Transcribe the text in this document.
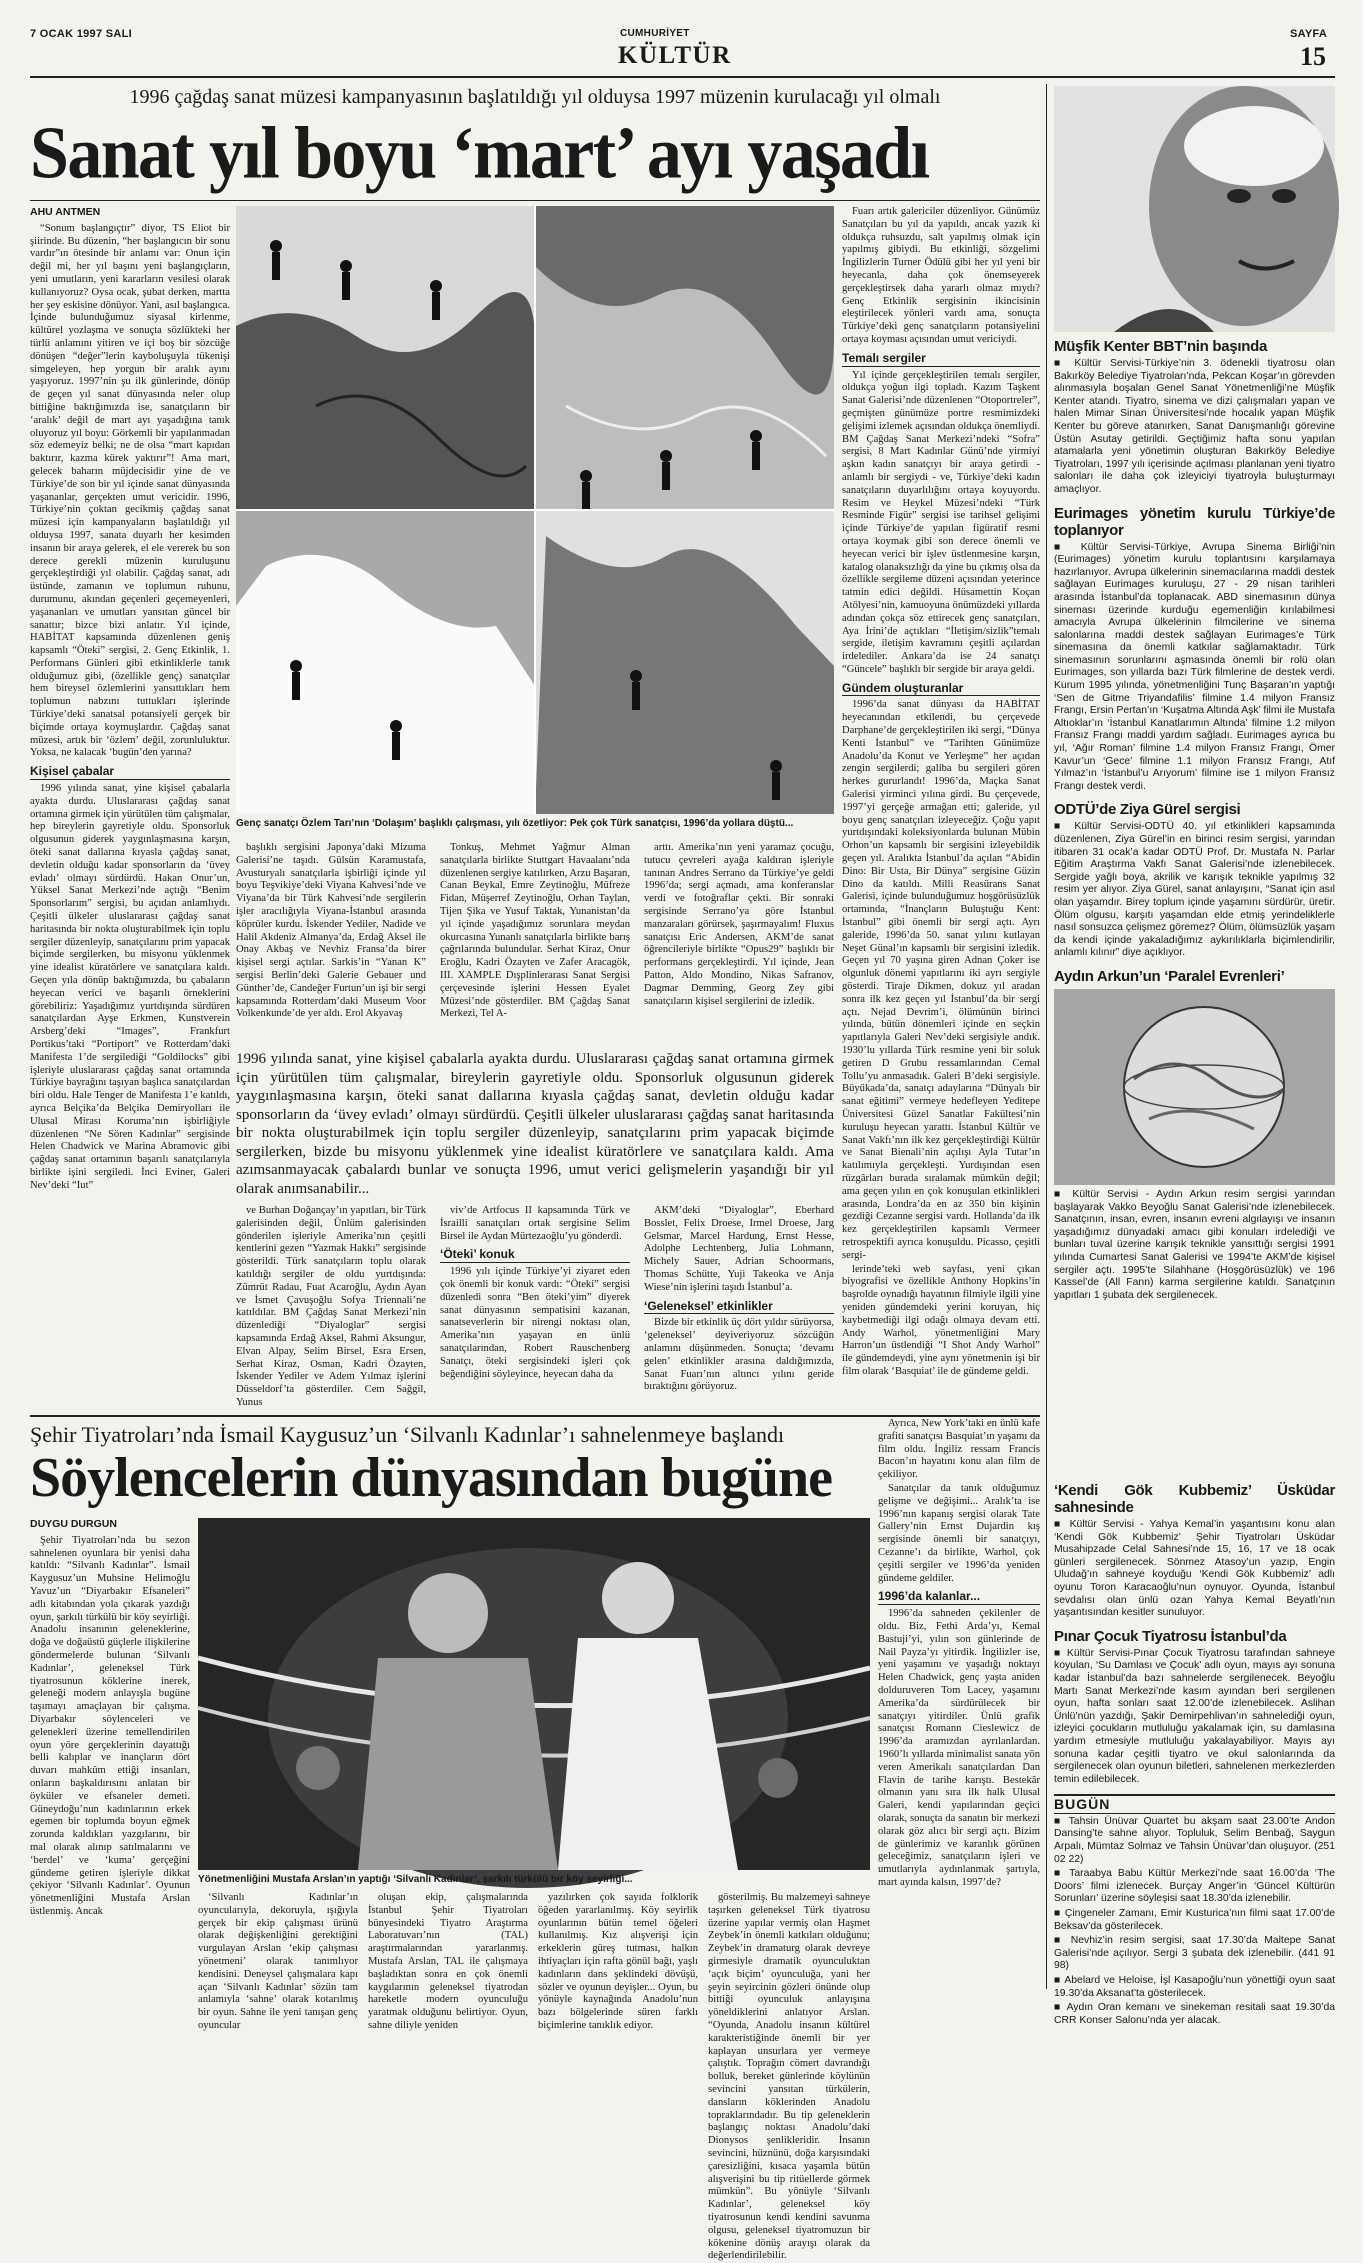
7 OCAK 1997 SALI	CUMHURİYET
KÜLTÜR
SAYFA
15
1996 çağdaş sanat müzesi kampanyasının başlatıldığı yıl olduysa 1997 müzenin kurulacağı yıl olmalı
Sanat yıl boyu ‘mart’ ayı yaşadı
AHU ANTMEN

“Sonum başlangıçtır” diyor, TS Eliot bir şiirinde. Bu düzenin, “her başlangıcın bir sonu vardır”ın ötesinde bir anlamı var: Onun için değil mi, her yıl başını yeni başlangıçların, yeni umutların, yeni kararların vesilesi olarak kullanıyoruz? Oysa ocak, şubat derken, martta her şey eskisine dönüyor. Yani, asıl başlangıca. İçinde bulunduğumuz siyasal kirlenme, kültürel yozlaşma ve sonuçta sözlükteki her türlü anlamını yitiren ve içi boş bir sözcüğe dönüşen “değer”lerin kayboluşuyla tükenişi simgeleyen, hep yorgun bir aralık ayını yaşıyoruz. 1997’nin şu ilk günlerinde, dönüp de geçen yıl sanat dünyasında neler olup bittiğine baktığımızda ise, sanatçıların bir ‘aralık’ değil de mart ayı yaşadığına tanık oluyoruz yıl boyu: Görkemli bir yapılanmadan söz edemeyiz belki; ne de olsa “mart kapıdan baktırır, kazma kürek yaktırır”! Ama mart, gelecek baharın müjdecisidir yine de ve Türkiye’de son bir yıl içinde sanat dünyasında yaşananlar, gerçekten umut vericidir. 1996, Türkiye’nin çoktan gecikmiş çağdaş sanat müzesi için kampanyaların başlatıldığı yıl olduysa 1997, sanata duyarlı her kesimden insanın bir araya gelerek, el ele vererek bu son derece gerekli müzenin kuruluşunu gerçekleştirdiği yıl olabilir. Çağdaş sanat, adı üstünde, zamanın ve toplumun ruhunu, durumunu, akından geçenleri geçemeyenleri, yaşananları ve umutları yansıtan güncel bir sanattır; bizce bizi anlatır. Yıl içinde, HABİTAT kapsamında düzenlenen geniş kapsamlı “Öteki” sergisi, 2. Genç Etkinlik, 1. Performans Günleri gibi etkinliklerle tanık olduğumuz gibi, (özellikle genç) sanatçılar hem bireysel özlemlerini yansıttıkları hem toplumun nabzını tuttukları işlerinde Türkiye’deki sanatsal potansiyeli gerçek bir biçimde ortaya koymuşlardır. Çağdaş sanat müzesi, artık bir ‘özlem’ değil, zorunluluktur. Yoksa, ne kalacak ‘bugün’den yarına?

Kişisel çabalar

1996 yılında sanat, yine kişisel çabalarla ayakta durdu. Uluslararası çağdaş sanat ortamına girmek için yürütülen tüm çalışmalar, hep bireylerin gayretiyle oldu. Sponsorluk olgusunun giderek yaygınlaşmasına karşın, öteki sanat dallarına kıyasla çağdaş sanat, devletin olduğu kadar sponsorların da ‘üvey evladı’ olmayı sürdürdü. Hakan Onur’un, Yüksel Sanat Merkezi’nde açtığı “Benim Sponsorlarım” sergisi, bu açıdan anlamlıydı. Çeşitli ülkeler uluslararası çağdaş sanat haritasında bir nokta oluşturabilmek için toplu sergiler düzenleyip, sanatçılarını prim yapacak biçimde sergilerken, bu misyonu yüklenmek yine idealist küratörlere ve sanatçılara kaldı. Geçen yıla dönüp baktığımızda, bu çabaların heyecan verici ve başarılı örneklerini görebiliriz: Yaşadığımız yurtdışında sürdüren sanatçılardan Ayşe Erkmen, Kunstverein Arsberg’deki “Images”, Frankfurt Portikus’taki “Portiport” ve Rotterdam’daki Manifesta 1’de sergilediği “Goldilocks” gibi işleriyle uluslararası çağdaş sanat ortamında Türkiye bayrağını taşıyan başlıca sanatçılardan biri oldu. Hale Tenger de Manifesta 1’e katıldı, ayrıca Belçika’da Belçika Demiryolları ile Ulusal Mirası Koruma’nın işbirliğiyle düzenlenen “Ne Sören Kadınlar” sergisinde Helen Chadwick ve Marina Abramovic gibi çağdaş sanat ortamının başarılı sanatçılarıyla birlikte işini sergiledi. İnci Eviner, Galeri Nev’deki “Iut”

Genç sanatçı Özlem Tarı’nın ‘Dolaşım’ başlıklı çalışması, yılı özetliyor: Pek çok Türk sanatçısı, 1996’da yollara düştü...

başlıklı sergisini Japonya’daki Mizuma Galerisi’ne taşıdı. Gülsün Karamustafa, Avusturyalı sanatçılarla işbirliği içinde yıl boyu Teşvikiye’deki Viyana Kahvesi’nde ve Viyana’da bir Türk Kahvesi’nde sergilerin işler aracılığıyla Viyana-İstanbul arasında köprüler kurdu. İskender Yediler, Nadide ve Halil Akdeniz Almanya’da, Erdağ Aksel ile Onay Akbaş ve Nevhiz Fransa’da birer kişisel sergi açtılar. Sarkis’in “Yanan K” sergisi Berlin’deki Galerie Gebauer und Günther’de, Candeğer Furtun’un işi bir sergi kapsamında Rotterdam’daki Museum Voor Volkenkunde’de yer aldı. Erol Akyavaş

Tonkuş, Mehmet Yağmur Alman sanatçılarla birlikte Stuttgart Havaalanı’nda düzenlenen sergiye katılırken, Arzu Başaran, Canan Beykal, Emre Zeytinoğlu, Müfreze Fidan, Müşerref Zeytinoğlu, Orhan Taylan, Tijen Şika ve Yusuf Taktak, Yunanistan’da yıl içinde yaşadığımız sorunlara meydan okurcasına Yunanlı sanatçılarla birlikte barış çağrılarında bulundular. Serhat Kiraz, Onur Eroğlu, Kadri Özayten ve Zafer Aracagök, III. XAMPLE Dışplinlerarası Sanat Sergisi çerçevesinde işlerini Hessen Eyalet Müzesi’nde gösterdiler. BM Çağdaş Sanat Merkezi, Tel A-

arttı. Amerika’nın yeni yaramaz çocuğu, tutucu çevreleri ayağa kaldıran işleriyle tanınan Andres Serrano da Türkiye’ye geldi 1996’da; sergi açmadı, ama konferanslar verdi ve fotoğraflar çekti. Bir sonraki sergisinde Serrano’ya göre İstanbul manzaraları görürsek, şaşırmayalım! Fluxus sanatçısı Eric Andersen, AKM’de sanat öğrencileriyle birlikte “Opus29” başlıklı bir performans gerçekleştirdi. Yıl içinde, Jean Patton, Aldo Mondino, Nikas Safranov, Dagmar Demming, Georg Zey gibi sanatçıların kişisel sergilerini de izledik.

1996 yılında sanat, yine kişisel çabalarla ayakta durdu. Uluslararası çağdaş sanat ortamına girmek için yürütülen tüm çalışmalar, bireylerin gayretiyle oldu. Sponsorluk olgusunun giderek yaygınlaşmasına karşın, öteki sanat dallarına kıyasla çağdaş sanat, devletin olduğu kadar sponsorların da ‘üvey evladı’ olmayı sürdürdü. Çeşitli ülkeler uluslararası çağdaş sanat haritasında bir nokta oluşturabilmek için toplu sergiler düzenleyip, sanatçılarını prim yapacak biçimde sergilerken, bizde bu misyonu yüklenmek yine idealist küratörlere ve sanatçılara kaldı. Ama azımsanmayacak çabalardı bunlar ve sonuçta 1996, umut verici gelişmelerin yaşandığı bir yıl olarak anımsanabilir...

ve Burhan Doğançay’ın yapıtları, bir Türk galerisinden değil, Ünlüm galerisinden gönderilen işleriyle Amerika’nın çeşitli kentlerini gezen “Yazmak Hakkı” sergisinde gösterildi. Türk sanatçıların toplu olarak katıldığı sergiler de oldu yurtdışında: Zümrüt Radau, Fuat Acaroğlu, Aydın Ayan ve İsmet Çavuşoğlu Sofya Triennali’ne katıldılar. BM Çağdaş Sanat Merkezi’nin düzenlediği “Diyaloglar” sergisi kapsamında Erdağ Aksel, Rahmi Aksungur, Elvan Alpay, Selim Birsel, Esra Ersen, Serhat Kiraz, Osman, Kadri Özayten, İskender Yediler ve Adem Yılmaz işlerini Düsseldorf’ta gösterdiler. Cem Sağgil, Yunus

viv’de Artfocus II kapsamında Türk ve İsrailli sanatçıları ortak sergisine Selim Birsel ile Aydan Mürtezaoğlu’yu gönderdi.

‘Öteki’ konuk

1996 yılı içinde Türkiye’yi ziyaret eden çok önemli bir konuk vardı: “Öteki” sergisi düzenledi sonra “Ben öteki’yim” diyerek sanat dünyasının sempatisini kazanan, sanatseverlerin bir nirengi noktası olan, Amerika’nın yaşayan en ünlü sanatçılarından, Robert Rauschenberg Sanatçı, öteki sergisindeki işleri çok beğendiğini söyleyince, heyecan daha da

AKM’deki “Diyaloglar”, Eberhard Bosslet, Felix Droese, Irmel Droese, Jarg Gelsmar, Marcel Hardung, Ernst Hesse, Adolphe Lechtenberg, Julia Lohmann, Michely Sauer, Adrian Schoormans, Thomas Schütte, Yuji Takeoka ve Anja Wiese’nin işlerini taşıdı İstanbul’a.

‘Geleneksel’ etkinlikler

Bizde bir etkinlik üç dört yıldır sürüyorsa, ‘geleneksel’ deyiveriyoruz sözcüğün anlamını düşünmeden. Sonuçta; ‘devamı gelen’ etkinlikler arasına daldığımızda, Sanat Fuarı’nın altıncı yılını geride bıraktığını görüyoruz.

Fuarı artık galericiler düzenliyor. Günümüz Sanatçıları bu yıl da yapıldı, ancak yazık ki oldukça ruhsuzdu, salt yapılmış olmak için yapılmış gibiydi. Bu etkinliği, sözgelimi İngilizlerin Turner Ödülü gibi her yıl yeni bir heyecanla, daha çok önemseyerek gerçekleştirsek daha yararlı olmaz mıydı? Genç Etkinlik sergisinin ikincisinin eleştirilecek yönleri vardı ama, sonuçta Türkiye’deki genç sanatçıların potansiyelini ortaya koyması açısından umut vericiydi.

Temalı sergiler

Yıl içinde gerçekleştirilen temalı sergiler, oldukça yoğun ilgi topladı. Kazım Taşkent Sanat Galerisi’nde düzenlenen “Otoportreler”, geçmişten günümüze portre resmimizdeki gelişimi izlemek açısından oldukça önemliydi. BM Çağdaş Sanat Merkezi’ndeki “Sofra” sergisi, 8 Mart Kadınlar Günü’nde yirmiyi aşkın kadın sanatçıyı bir araya getirdi - anlamlı bir sergiydi - ve, Türkiye’deki kadın sanatçıların duyarlılığını ortaya koyuyordu. Resim ve Heykel Müzesi’ndeki “Türk Resminde Figür” sergisi ise tarihsel gelişimi içinde Türkiye’de yapılan figüratif resmi ortaya koymak gibi son derece önemli ve heyecan verici bir işlev üstlenmesine karşın, katalog olanaksızlığı da yine bu çıkmış olsa da özellikle sergileme düzeni açısından yeterince tatmin edici değildi. Hüsamettin Koçan Atölyesi’nin, kamuoyuna önümüzdeki yıllarda adından çokça söz ettirecek genç sanatçıları, Aya İrini’de açtıkları “İletişim/sizlik”temalı sergide, iletişim kavramını çeşitli açılardan irdelediler. Ankara’da ise 24 sanatçı “Güncele” başlıklı bir sergide bir araya geldi.

Gündem oluşturanlar

1996’da sanat dünyası da HABİTAT heyecanından etkilendi, bu çerçevede Darphane’de gerçekleştirilen iki sergi, “Dünya Kenti İstanbul” ve “Tarihten Günümüze Anadolu’da Konut ve Yerleşme” her açıdan zengin sergilerdi; galiba bu sergileri gören herkes gururlandı! 1996’da, Maçka Sanat Galerisi yirminci yılına girdi. Bu çerçevede, 1997’yi gerçeğe armağan etti; galeride, yıl boyu genç sanatçıları izleyeceğiz. Çoğu yapıt yurtdışındaki koleksiyonlarda bulunan Mübin Orhon’un kapsamlı bir sergisini izleyebildik geçen yıl. Aralıkta İstanbul’da açılan “Abidin Dino: Bir Usta, Bir Dünya” sergisine Güzin Dino da katıldı. Milli Reasürans Sanat Galerisi, içinde bulunduğumuz hoşgörüsüzlük ortamında, “İnançların Buluştuğu Kent: İstanbul” gibi önemli bir sergi açtı. Ayrı galeride, 1996’da 50. sanat yılını kutlayan Neşet Günal’ın kapsamlı bir sergisini izledik. Geçen yıl 70 yaşına giren Adnan Çoker ise olgunluk dönemi yapıtlarını iki ayrı sergiyle gösterdi. Tiraje Dikmen, dokuz yıl aradan sonra ilk kez geçen yıl İstanbul’da bir sergi açtı. Nejad Devrim’i, ölümünün birinci yılında, bütün dönemleri içinde en seçkin yapıtlarıyla Galeri Nev’deki sergisiyle andık. 1930’lu yıllarda Türk resmine yeni bir soluk getiren D Grubu ressamlarından Cemal Tollu’yu anmasadık. Galeri B’deki sergisiyle. Büyükada’da, sanatçı adaylarına “Dünyalı bir sanat eğitimi” vermeye hedefleyen Yeditepe Üniversitesi Güzel Sanatlar Fakültesi’nin kuruluşu heyecan yarattı. İstanbul Kültür ve Sanat Vakfı’nın ilk kez gerçekleştirdiği Kültür ve Sanat Bienali’nin açılışı Ayla Tutar’ın katılımıyla gerçekleşti. Yurdışından esen rüzgârları burada sıralamak mümkün değil; ama geçen yılın en çok konuşulan etkinlikleri arasında, Londra’da en az 350 bin kişinin gezdiği Cezanne sergisi vardı. Hollanda’da ilk kez gerçekleştirilen kapsamlı Vermeer retrospektifi ayrıca konuşuldu. Picasso, çeşitli sergi-

lerinde’teki web sayfası, yeni çıkan biyografisi ve özellikle Anthony Hopkins’in başrolde oynadığı hayatının filmiyle ilgili yine yeniden gündemdeki yerini koruyan, hiç kaybetmediği ilgi odağı olmaya devam etti. Andy Warhol, yönetmenliğini Mary Harron’un üstlendiği “I Shot Andy Warhol” ile gündemdeydi, yine aynı yönetmenin işi bir film olarak ‘Basquiat’ ile de gündeme geldi.

Şehir Tiyatroları’nda İsmail Kaygusuz’un ‘Silvanlı Kadınlar’ı sahnelenmeye başlandı
Söylencelerin dünyasından bugüne
DUYGU DURGUN

Şehir Tiyatroları’nda bu sezon sahnelenen oyunlara bir yenisi daha katıldı: “Silvanlı Kadınlar”. İsmail Kaygusuz’un Muhsine Helimoğlu Yavuz’un “Diyarbakır Efsaneleri” adlı kitabından yola çıkarak yazdığı oyun, şarkılı türkülü bir köy seyirliği. Anadolu insanının geleneklerine, doğa ve doğaüstü güçlerle ilişkilerine göndermelerde bulunan ‘Silvanlı Kadınlar’, geleneksel Türk tiyatrosunun köklerine inerek, geleneği modern anlayışla bugüne taşımayı amaçlayan bir çalışma. Diyarbakır söylenceleri ve gelenekleri üzerine temellendirilen oyun yöre gerçeklerinin dayattığı belli kalıplar ve inançların dört duvarı mahkûm ettiği insanları, onların başkaldırısını anlatan bir öyküler ve efsaneler demeti. Güneydoğu’nun kadınlarının erkek egemen bir toplumda boyun eğmek zorunda kaldıkları yazgılarını, bir mal olarak alınıp satılmalarını ve ‘berdel’ ve ‘kuma’ gerçeğini gündeme getiren işleriyle dikkat çekiyor ‘Silvanlı Kadınlar’. Oyunun yönetmenliğini Mustafa Arslan üstlenmiş. Ancak

Yönetmenliğini Mustafa Arslan’ın yaptığı ‘Silvanlı Kadınlar’, şarkılı türkülü bir köy seyirliği...

‘Silvanlı Kadınlar’ın oyuncularıyla, dekoruyla, ışığıyla gerçek bir ekip çalışması ürünü olarak değişkenliğini gerektiğini vurgulayan Arslan ‘ekip çalışması yönetmeni’ olarak tanımlıyor kendisini. Deneysel çalışmalara kapı açan ‘Silvanlı Kadınlar’ sözün tam anlamıyla ‘sahne’ olarak kotarılmış bir oyun. Sahne ile yeni tanışan genç oyuncular

oluşan ekip, çalışmalarında İstanbul Şehir Tiyatroları bünyesindeki Tiyatro Araştırma Laboratuvarı’nın (TAL) araştırmalarından yararlanmış. Mustafa Arslan, TAL ile çalışmaya başladıktan sonra en çok önemli kaygılarının geleneksel tiyatrodan hareketle modern oyunculuğu yaratmak olduğunu belirtiyor. Oyun, sahne diliyle yeniden

yazılırken çok sayıda folklorik öğeden yararlanılmış. Köy seyirlik oyunlarının bütün temel öğeleri kullanılmış. Kız alışverişi için erkeklerin güreş tutması, halkın ihtiyaçları için rafta gönül bağı, yaşlı kadınların dans şeklindeki dövüşü, sözler ve oyunun deyişler... Oyun, bu yönüyle kaynağında Anadolu’nun bazı bölgelerinde süren farklı biçimlerine tanıklık ediyor.

gösterilmiş. Bu malzemeyi sahneye taşırken geleneksel Türk tiyatrosu üzerine yapılar vermiş olan Haşmet Zeybek’in önemli katkıları olduğunu; Zeybek’in dramaturg olarak devreye girmesiyle dramatik oyunculuktan ‘açık biçim’ oyunculuğa, yani her şeyin seyircinin gözleri önünde olup bittiği oyunculuk anlayışına yöneldiklerini anlatıyor Arslan. “Oyunda, Anadolu insanın kültürel karakteristiğinde önemli bir yer kaplayan unsurlara yer vermeye çalıştık. Toprağın cömert davrandığı bolluk, bereket günlerinde köylünün sevincini yansıtan türkülerin, dansların köklerinden Anadolu topraklarındadır. Bu tip geleneklerin başlangıç noktası Anadolu’daki Dionysos şenlikleridir. İnsanın sevincini, hüznünü, doğa karşısındaki çaresizliğini, kısaca yaşamla bütün alışverişini bu tip ritüellerde görmek mümkün”. Bu yönüyle ‘Silvanlı Kadınlar’, geleneksel köy tiyatrosunun kendi kendini savunma olgusu, geleneksel tiyatromuzun bir kökenine dönüş arayışı olarak da değerlendirilebilir.

Ayrıca, New York’taki en ünlü kafe grafiti sanatçısı Basquiat’ın yaşamı da film oldu. İngiliz ressam Francis Bacon’ın hayatını konu alan film de çekiliyor.

Sanatçılar da tanık olduğumuz gelişme ve değişimi... Aralık’ta ise 1996’nın kapanış sergisi olarak Tate Gallery’nin Ernst Dujardin kış sergisinde önemli bir sanatçıyı, Cezanne’ı da birlikte, Warhol, çok çeşitli sergiler ve 1996’da yeniden gündeme geldiler.

1996’da kalanlar...

1996’da sahneden çekilenler de oldu. Biz, Fethi Arda’yı, Kemal Bastuji’yi, yılın son günlerinde de Nail Payza’yı yitirdik. İngilizler ise, yeni yaşamını ve yaşadığı noktayı Helen Chadwick, genç yaşta aniden dolduruveren Tom Lacey, yaşamını Amerika’da sürdürülecek bir sanatçıyı yitirdiler. Ünlü grafik sanatçısı Romann Cieslewicz de 1996’da aramızdan ayrılanlardan. 1960’lı yıllarda minimalist sanata yön veren Amerikalı sanatçılardan Dan Flavin de tarihe karıştı. Bestekâr olmanın yanı sıra ilk halk Ulusal Galeri, kendi yapılarından geçici olarak, sonuçta da sanatın bir merkezi olarak göz alıcı bir sergi açtı. Bizim de günlerimiz ve karanlık görünen geleceğimiz, sanatçıların işleri ve umutlarıyla aydınlanmak şartıyla, mart ayında kalsın, 1997’de?

Müşfik Kenter BBT’nin başında

■ Kültür Servisi-Türkiye’nin 3. ödenekli tiyatrosu olan Bakırköy Belediye Tiyatroları’nda, Pekcan Koşar’ın görevden alınmasıyla boşalan Genel Sanat Yönetmenliği’ne Müşfik Kenter atandı. Tiyatro, sinema ve dizi çalışmaları yapan ve halen Mimar Sinan Üniversitesi’nde hocalık yapan Müşfik Kenter bu göreve atanırken, Sanat Danışmanlığı görevine Üstün Asutay getirildi. Geçtiğimiz hafta sonu yapılan atamalarla yeni yönetimin oluşturan Bakırköy Belediye Tiyatroları, 1997 yılı içerisinde açılması planlanan yeni tiyatro salonları ile daha çok izleyiciyi tiyatroyla buluşturmayı amaçlıyor.

Eurimages yönetim kurulu Türkiye’de toplanıyor

■ Kültür Servisi-Türkiye, Avrupa Sinema Birliği’nin (Eurimages) yönetim kurulu toplantısını karşılamaya hazırlanıyor. Avrupa ülkelerinin sinemacılarına maddi destek sağlayan Eurimages kuruluşu, 27 - 29 nisan tarihleri arasında İstanbul’da toplanacak. ABD sinemasının dünya sineması üzerinde kurduğu egemenliğin kırılabilmesi amacıyla Avrupa ülkelerinin filmcilerine ve sinema salonlarına maddi destek sağlayan Eurimages’e Türk sinemasına da önemli katkılar sağlamaktadır. Türk sinemasının sorunlarını aşmasında önemli bir rolü olan Eurimages, son yıllarda bazı Türk filmlerine de destek verdi. Kurum 1995 yılında, yönetmenliğini Tunç Başaran’ın yaptığı ‘Sen de Gitme Triyandafilis’ filmine 1.4 milyon Fransız Frangı, Ersin Pertan’ın ‘Kuşatma Altında Aşk’ filmi ile Mustafa Altıoklar’ın ‘İstanbul Kanatlarımın Altında’ filmine 1.2 milyon Fransız Frangı maddi yardım sağladı. Eurimages ayrıca bu yıl, ‘Ağır Roman’ filmine 1.4 milyon Fransız Frangı, Ömer Kavur’un ‘Gece’ filmine 1.1 milyon Fransız Frangı, Atıf Yılmaz’ın ‘İstanbul’u Arıyorum’ filmine ise 1 milyon Fransız Frangı destek verdi.

ODTÜ’de Ziya Gürel sergisi

■ Kültür Servisi-ODTÜ 40. yıl etkinlikleri kapsamında düzenlenen, Ziya Gürel’in en birinci resim sergisi, yarından itibaren 31 ocak’a kadar ODTÜ Prof. Dr. Mustafa N. Parlar Eğitim Araştırma Vakfı Sanat Galerisi’nde izlenebilecek. Sergide yağlı boya, akrilik ve karışık teknikle yapılmış 32 resim yer alıyor. Ziya Gürel, sanat anlayışını, “Sanat için asıl olan yaşamdır. Birey toplum içinde yaşamını sürdürür, üretir. Ölüm olgusu, karşıtı yaşamdan elde etmiş yerindeliklerle nasıl sonsuzca çelişmez göremez? Ölüm, ölümsüzlük yaşam da kendi içinde yakaladığımız aykırılıklarla biçimlendirilir, anlamlı kılınır” diye açıklıyor.

Aydın Arkun’un ‘Paralel Evrenleri’

■ Kültür Servisi - Aydın Arkun resim sergisi yarından başlayarak Vakko Beyoğlu Sanat Galerisi’nde izlenebilecek. Sanatçının, insan, evren, insanın evreni algılayışı ve insanın yaşadığımız dünyadaki amacı gibi konuları irdelediği ve bunları tuval üzerine karışık teknikle yansıttığı sergisi 1991 yılında Cumartesi Sanat Galerisi ve 1994’te AKM’de kişisel sergiler açtı. 1995’te Silahhane (Hoşgörüsüzlük) ve 196 Kassel’de (All Fann) karma sergilerine katıldı. Sanatçının yapıtları 1 şubata dek sergilenecek.

‘Kendi Gök Kubbemiz’ Üsküdar sahnesinde

■ Kültür Servisi - Yahya Kemal’in yaşantısını konu alan ‘Kendi Gök Kubbemiz’ Şehir Tiyatroları Üsküdar Musahipzade Celal Sahnesi’nde 15, 16, 17 ve 18 ocak günleri sergilenecek. Sönmez Atasoy’un yazıp, Engin Uludağ’ın sahneye koyduğu ‘Kendi Gök Kubbemiz’ adlı oyunu Toron Karacaoğlu’nun oynuyor. Oyunda, İstanbul sevdalısı olan ünlü ozan Yahya Kemal Beyatlı’nın yaşantısından kesitler sunuluyor.

Pınar Çocuk Tiyatrosu İstanbul’da

■ Kültür Servisi-Pınar Çocuk Tiyatrosu tarafından sahneye koyulan, ‘Su Damlası ve Çocuk’ adlı oyun, mayıs ayı sonuna kadar İstanbul’da bazı sahnelerde sergilenecek. Beyoğlu Martı Sanat Merkezi’nde kasım ayından beri sergilenen oyun, hafta sonları saat 12.00’de izlenebilecek. Aslihan Ünlü’nün yazdığı, Şakir Demirpehlivan’ın sahnelediği oyun, izleyici çocukların mutluluğu yakalamak için, su damlasına yardım etmesiyle mutluluğu yakalayabiliyor. Mayıs ayı sonuna kadar çeşitli tiyatro ve okul salonlarında da sergilenecek olan oyunun biletleri, sahnelenen merkezlerden temin edilebilecek.

BUGÜN

■ Tahsin Ünüvar Quartet bu akşam saat 23.00’te Andon Dansing’te sahne alıyor. Topluluk, Selim Benbağ, Saygun Arpalı, Mümtaz Solmaz ve Tahsin Ünüvar’dan oluşuyor. (251 02 22)

■ Taraabya Babu Kültür Merkezi’nde saat 16.00’da ‘The Doors’ filmi izlenecek. Burçay Anger’in ‘Güncel Kültürün Sorunları’ üzerine söyleşisi saat 18.30’da izlenebilir.

■ Çingeneler Zamanı, Emir Kusturica’nın filmi saat 17.00’de Beksav’da gösterilecek.

■ Nevhiz’in resim sergisi, saat 17.30’da Maltepe Sanat Galerisi’nde açılıyor. Sergi 3 şubata dek izlenebilir. (441 91 98)

■ Abelard ve Heloise, İşl Kasapoğlu’nun yönettiği oyun saat 19.30’da Aksanat’ta gösterilecek.

■ Aydın Oran kemanı ve sinekeman resitali saat 19.30’da CRR Konser Salonu’nda yer alacak.
